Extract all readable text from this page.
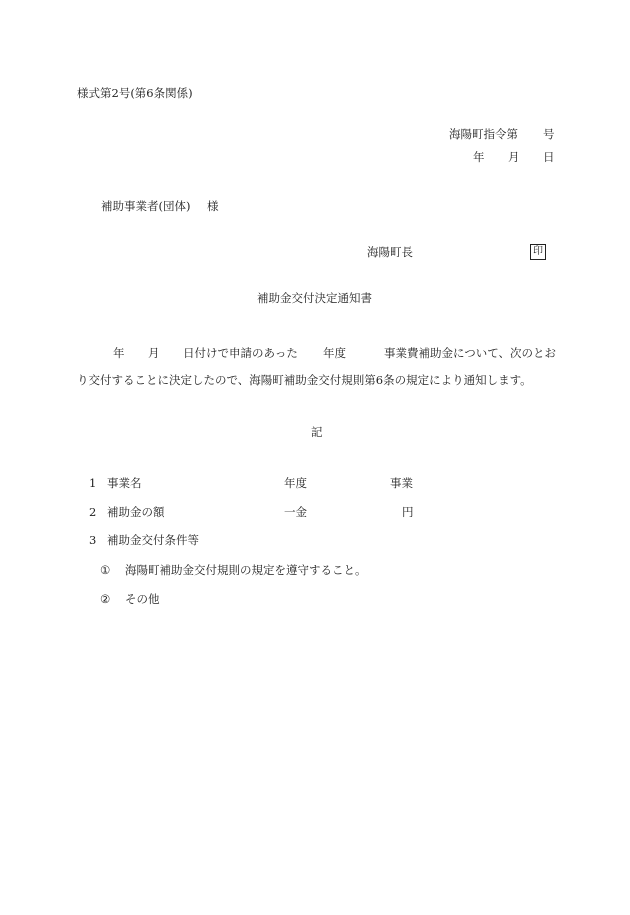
様式第2号(第6条関係)
海陽町指令第 号
年 月 日
補助事業者(団体) 様
海陽町長	印
補助金交付決定通知書
年 月 日付けで申請のあった 年度	事業費補助金について、次のとお
り交付することに決定したので、海陽町補助金交付規則第6条の規定により通知します。
記
1 事業名	年度	事業
2 補助金の額	一金	円
3 補助金交付条件等
① 海陽町補助金交付規則の規定を遵守すること。
② その他
